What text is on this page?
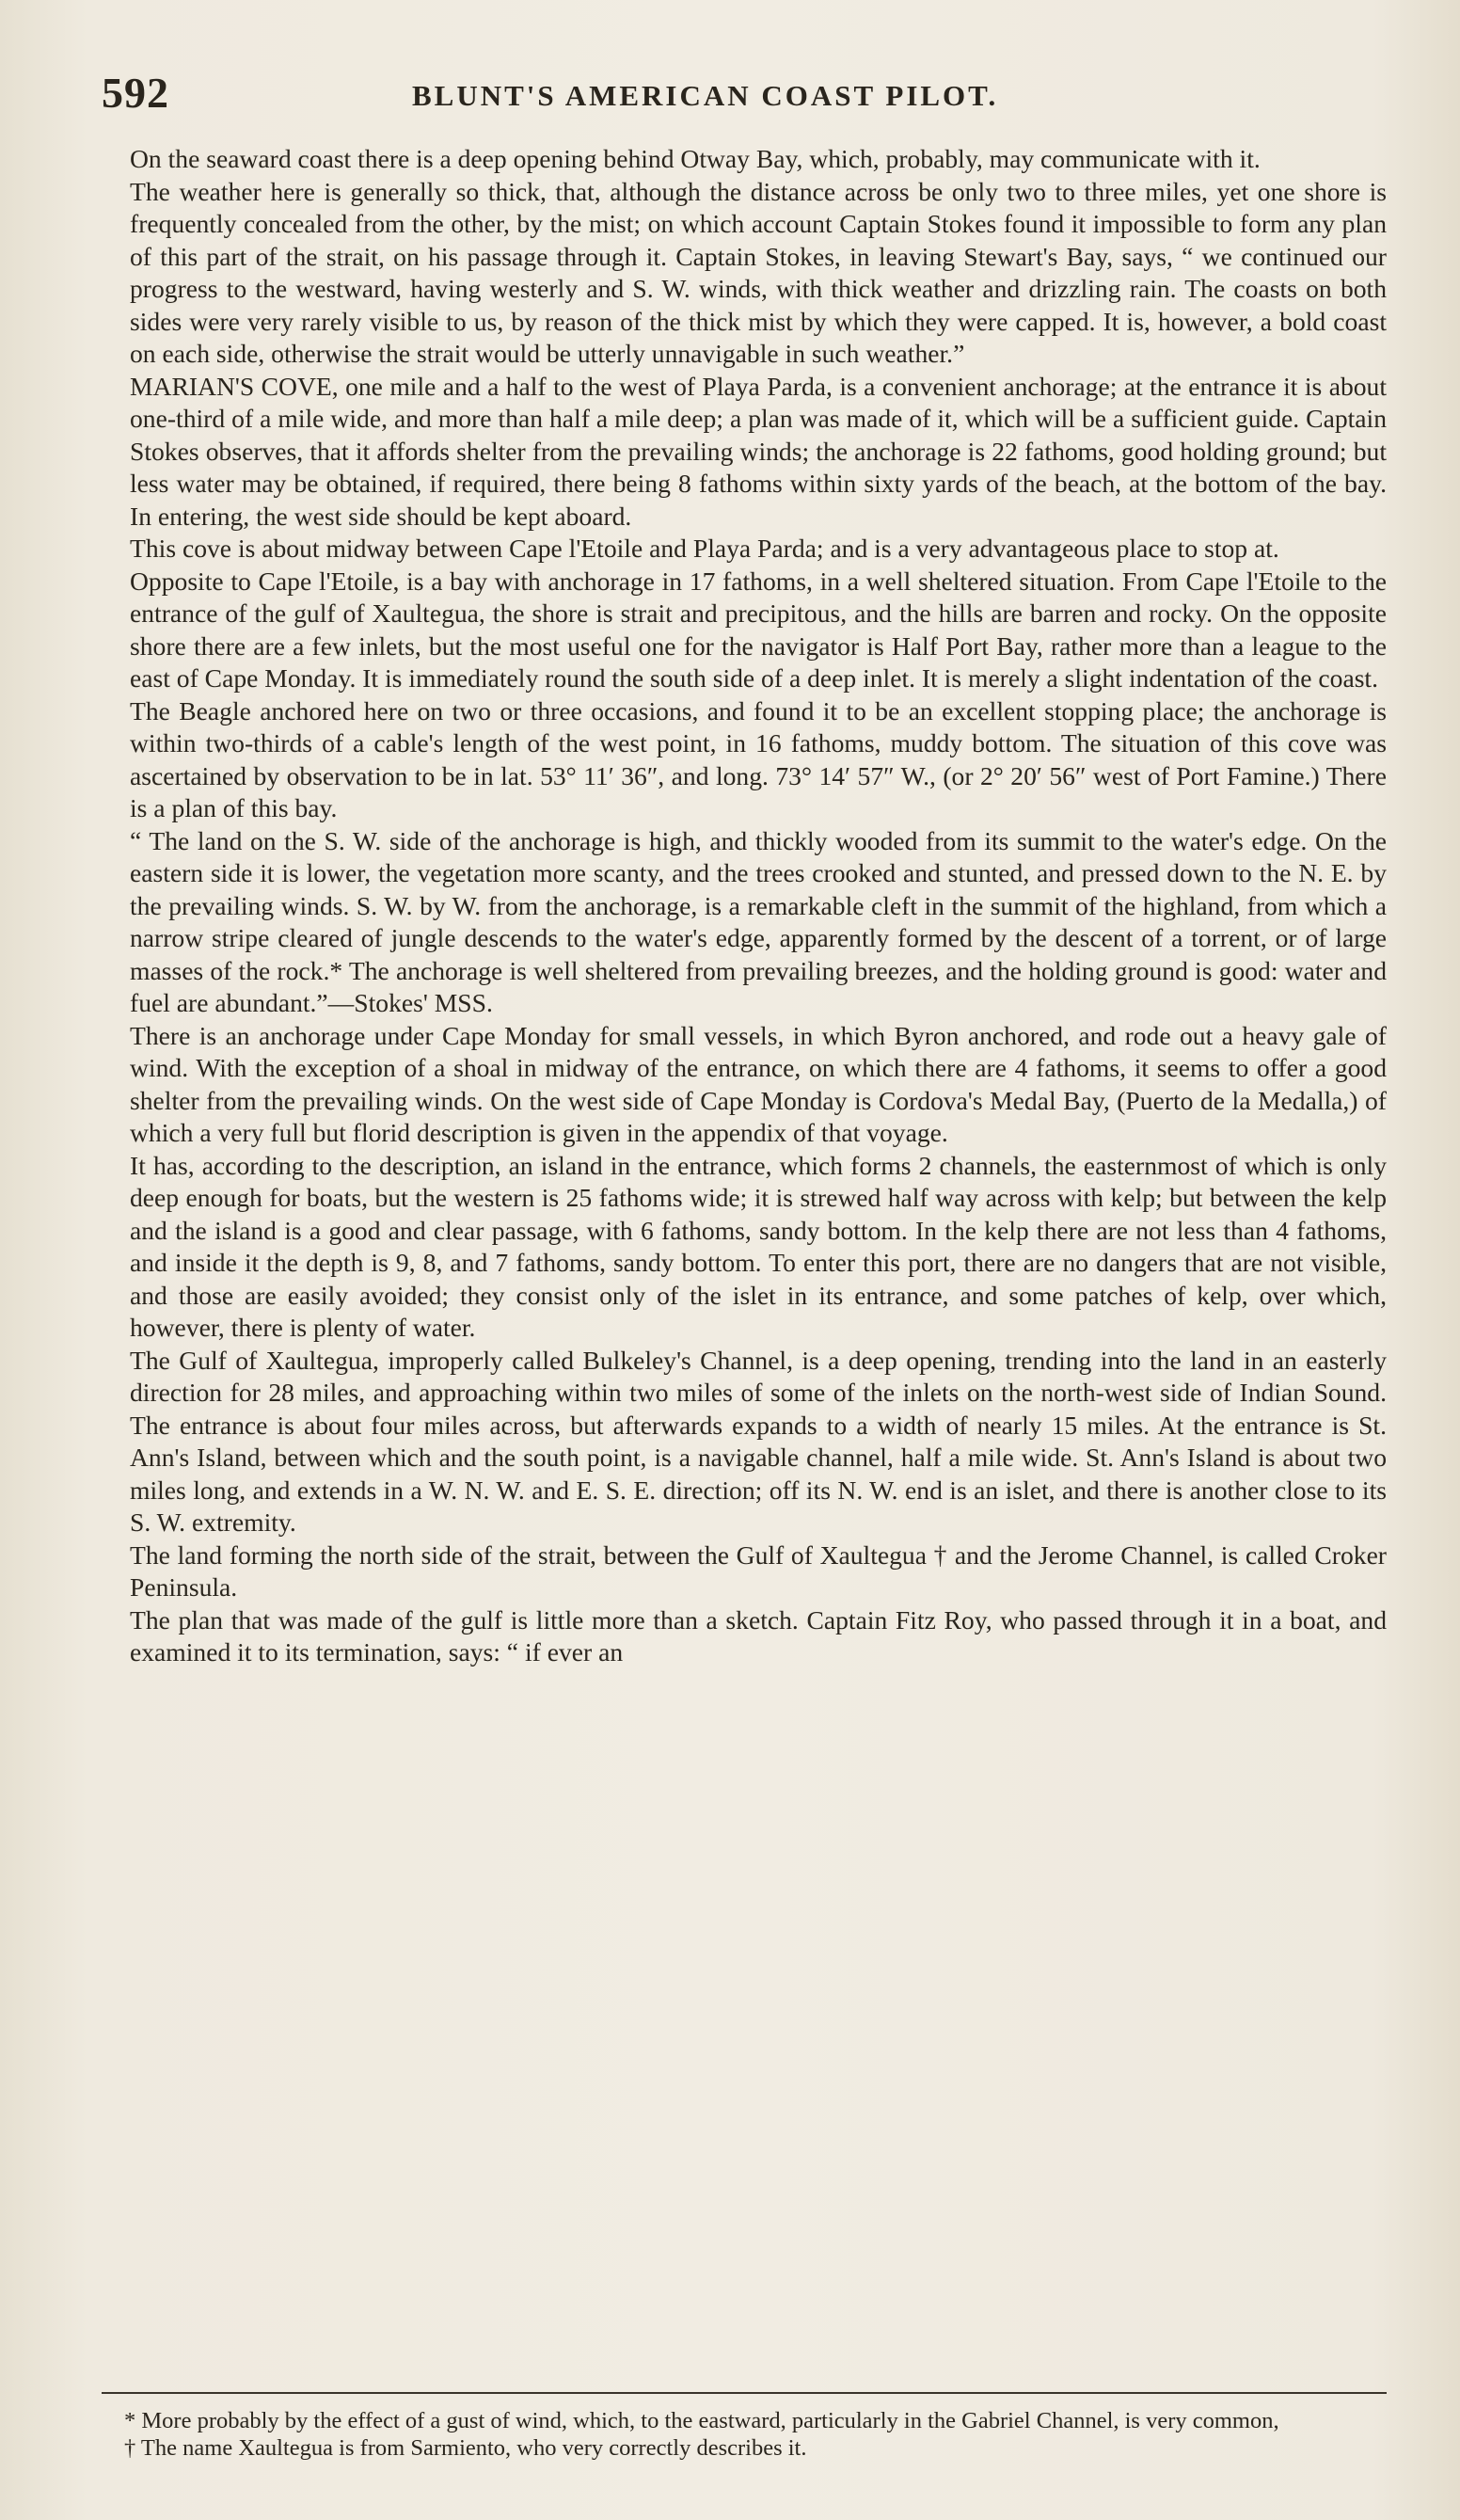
592	BLUNT'S AMERICAN COAST PILOT.

On the seaward coast there is a deep opening behind Otway Bay, which, probably, may communicate with it.

The weather here is generally so thick, that, although the distance across be only two to three miles, yet one shore is frequently concealed from the other, by the mist; on which account Captain Stokes found it impossible to form any plan of this part of the strait, on his passage through it. Captain Stokes, in leaving Stewart's Bay, says, “ we continued our progress to the westward, having westerly and S. W. winds, with thick weather and drizzling rain. The coasts on both sides were very rarely visible to us, by reason of the thick mist by which they were capped. It is, however, a bold coast on each side, otherwise the strait would be utterly unnavigable in such weather.”

MARIAN'S COVE, one mile and a half to the west of Playa Parda, is a convenient anchorage; at the entrance it is about one-third of a mile wide, and more than half a mile deep; a plan was made of it, which will be a sufficient guide. Captain Stokes observes, that it affords shelter from the prevailing winds; the anchorage is 22 fathoms, good holding ground; but less water may be obtained, if required, there being 8 fathoms within sixty yards of the beach, at the bottom of the bay. In entering, the west side should be kept aboard.

This cove is about midway between Cape l'Etoile and Playa Parda; and is a very advantageous place to stop at.

Opposite to Cape l'Etoile, is a bay with anchorage in 17 fathoms, in a well sheltered situation. From Cape l'Etoile to the entrance of the gulf of Xaultegua, the shore is strait and precipitous, and the hills are barren and rocky. On the opposite shore there are a few inlets, but the most useful one for the navigator is Half Port Bay, rather more than a league to the east of Cape Monday. It is immediately round the south side of a deep inlet. It is merely a slight indentation of the coast.

The Beagle anchored here on two or three occasions, and found it to be an excellent stopping place; the anchorage is within two-thirds of a cable's length of the west point, in 16 fathoms, muddy bottom. The situation of this cove was ascertained by observation to be in lat. 53° 11′ 36″, and long. 73° 14′ 57″ W., (or 2° 20′ 56″ west of Port Famine.) There is a plan of this bay.

“ The land on the S. W. side of the anchorage is high, and thickly wooded from its summit to the water's edge. On the eastern side it is lower, the vegetation more scanty, and the trees crooked and stunted, and pressed down to the N. E. by the prevailing winds. S. W. by W. from the anchorage, is a remarkable cleft in the summit of the highland, from which a narrow stripe cleared of jungle descends to the water's edge, apparently formed by the descent of a torrent, or of large masses of the rock.* The anchorage is well sheltered from prevailing breezes, and the holding ground is good: water and fuel are abundant.”—Stokes' MSS.

There is an anchorage under Cape Monday for small vessels, in which Byron anchored, and rode out a heavy gale of wind. With the exception of a shoal in midway of the entrance, on which there are 4 fathoms, it seems to offer a good shelter from the prevailing winds. On the west side of Cape Monday is Cordova's Medal Bay, (Puerto de la Medalla,) of which a very full but florid description is given in the appendix of that voyage.

It has, according to the description, an island in the entrance, which forms 2 channels, the easternmost of which is only deep enough for boats, but the western is 25 fathoms wide; it is strewed half way across with kelp; but between the kelp and the island is a good and clear passage, with 6 fathoms, sandy bottom. In the kelp there are not less than 4 fathoms, and inside it the depth is 9, 8, and 7 fathoms, sandy bottom. To enter this port, there are no dangers that are not visible, and those are easily avoided; they consist only of the islet in its entrance, and some patches of kelp, over which, however, there is plenty of water.

The Gulf of Xaultegua, improperly called Bulkeley's Channel, is a deep opening, trending into the land in an easterly direction for 28 miles, and approaching within two miles of some of the inlets on the north-west side of Indian Sound. The entrance is about four miles across, but afterwards expands to a width of nearly 15 miles. At the entrance is St. Ann's Island, between which and the south point, is a navigable channel, half a mile wide. St. Ann's Island is about two miles long, and extends in a W. N. W. and E. S. E. direction; off its N. W. end is an islet, and there is another close to its S. W. extremity.

The land forming the north side of the strait, between the Gulf of Xaultegua † and the Jerome Channel, is called Croker Peninsula.

The plan that was made of the gulf is little more than a sketch. Captain Fitz Roy, who passed through it in a boat, and examined it to its termination, says: “ if ever an

* More probably by the effect of a gust of wind, which, to the eastward, particularly in the Gabriel Channel, is very common,

† The name Xaultegua is from Sarmiento, who very correctly describes it.
